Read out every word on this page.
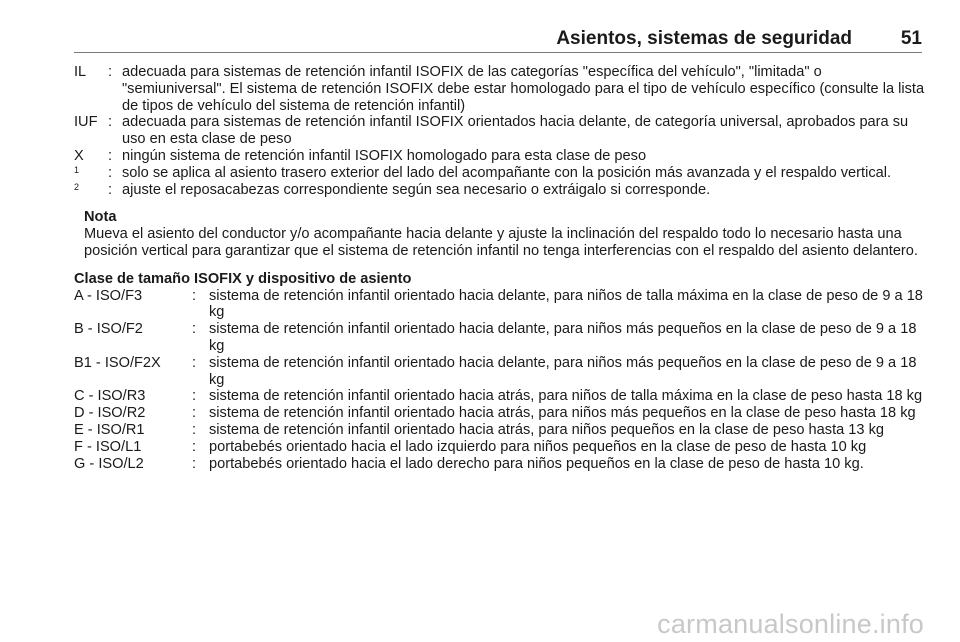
Asientos, sistemas de seguridad	51
IL	: adecuada para sistemas de retención infantil ISOFIX de las categorías "específica del vehículo", "limitada" o "semiuniversal". El sistema de retención ISOFIX debe estar homologado para el tipo de vehículo específico (consulte la lista de tipos de vehículo del sistema de retención infantil)
IUF : adecuada para sistemas de retención infantil ISOFIX orientados hacia delante, de categoría universal, aprobados para su uso en esta clase de peso
X	: ningún sistema de retención infantil ISOFIX homologado para esta clase de peso
$^1$	: solo se aplica al asiento trasero exterior del lado del acompañante con la posición más avanzada y el respaldo vertical.
$^2$	: ajuste el reposacabezas correspondiente según sea necesario o extráigalo si corresponde.
Nota
Mueva el asiento del conductor y/o acompañante hacia delante y ajuste la inclinación del respaldo todo lo necesario hasta una posición vertical para garantizar que el sistema de retención infantil no tenga interferencias con el respaldo del asiento delantero.
Clase de tamaño ISOFIX y dispositivo de asiento
A - ISO/F3	: sistema de retención infantil orientado hacia delante, para niños de talla máxima en la clase de peso de 9 a 18 kg
B - ISO/F2	: sistema de retención infantil orientado hacia delante, para niños más pequeños en la clase de peso de 9 a 18 kg
B1 - ISO/F2X	: sistema de retención infantil orientado hacia delante, para niños más pequeños en la clase de peso de 9 a 18 kg
C - ISO/R3	: sistema de retención infantil orientado hacia atrás, para niños de talla máxima en la clase de peso hasta 18 kg
D - ISO/R2	: sistema de retención infantil orientado hacia atrás, para niños más pequeños en la clase de peso hasta 18 kg
E - ISO/R1	: sistema de retención infantil orientado hacia atrás, para niños pequeños en la clase de peso hasta 13 kg
F - ISO/L1	: portabebés orientado hacia el lado izquierdo para niños pequeños en la clase de peso de hasta 10 kg
G - ISO/L2	: portabebés orientado hacia el lado derecho para niños pequeños en la clase de peso de hasta 10 kg.
carmanualsonline.info
